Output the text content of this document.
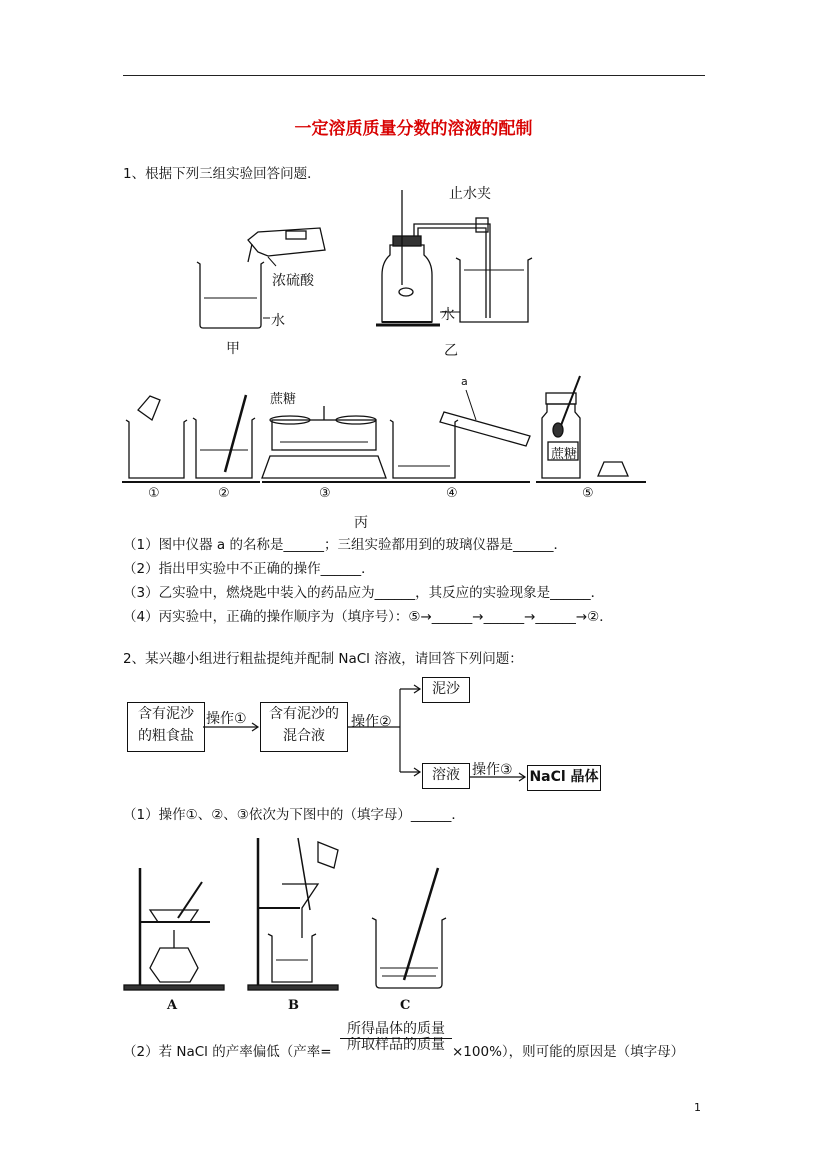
一定溶质质量分数的溶液的配制
1、根据下列三组实验回答问题．
止水夹
浓硫酸
水	水
甲	乙
a
蔗糖
蔗糖
①	②	③	④	⑤
丙
（1）图中仪器 a 的名称是______；三组实验都用到的玻璃仪器是______．
（2）指出甲实验中不正确的操作______．
（3）乙实验中，燃烧匙中装入的药品应为______，其反应的实验现象是______．
（4）丙实验中，正确的操作顺序为（填序号）：⑤→______→______→______→②．
2、某兴趣小组进行粗盐提纯并配制 NaCl 溶液，请回答下列问题：
含有泥沙
的粗食盐
操作①	含有泥沙的
混合液
操作②
泥沙
溶液 操作③ NaCl 晶体
（1）操作①、②、③依次为下图中的（填字母）______．
A	B	C
所得晶体的质量
（2）若 NaCl 的产率偏低（产率=	所取样品的质量 ×100%），则可能的原因是（填字母）
1
